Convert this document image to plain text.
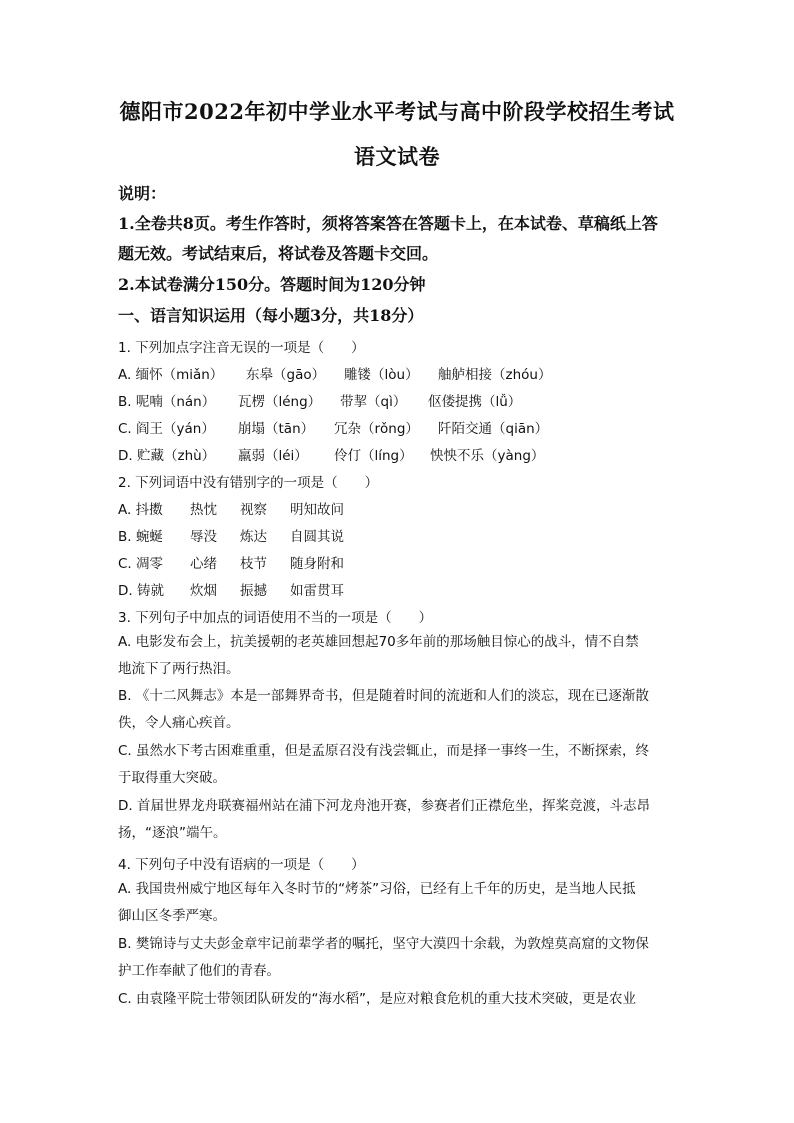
德阳市2022年初中学业水平考试与高中阶段学校招生考试
语文试卷
说明：
1.全卷共8页。考生作答时，须将答案答在答题卡上，在本试卷、草稿纸上答
题无效。考试结束后，将试卷及答题卡交回。
2.本试卷满分150分。答题时间为120分钟
一、语言知识运用（每小题3分，共18分）
1. 下列加点字注音无误的一项是（　　）
A. 缅怀（miǎn） 东皋（gāo） 雕镂（lòu） 舳舻相接（zhóu）
B. 呢喃（nán） 瓦楞（léng） 带挈（qì） 伛偻提携（lǚ）
C. 阎王（yán） 崩塌（tān） 冗杂（rǒng） 阡陌交通（qiān）
D. 贮藏（zhù） 羸弱（léi） 伶仃（líng） 怏怏不乐（yàng）
2. 下列词语中没有错别字的一项是（　　）
A. 抖擞 热忱 视察 明知故问
B. 蜿蜒 辱没 炼达 自圆其说
C. 凋零 心绪 枝节 随身附和
D. 铸就 炊烟 振撼 如雷贯耳
3. 下列句子中加点的词语使用不当的一项是（　　）
A. 电影发布会上，抗美援朝的老英雄回想起70多年前的那场触目惊心的战斗，情不自禁
地流下了两行热泪。
B. 《十二风舞志》本是一部舞界奇书，但是随着时间的流逝和人们的淡忘，现在已逐渐散
佚，令人痛心疾首。
C. 虽然水下考古困难重重，但是孟原召没有浅尝辄止，而是择一事终一生，不断探索，终
于取得重大突破。
D. 首届世界龙舟联赛福州站在浦下河龙舟池开赛，参赛者们正襟危坐，挥桨竞渡，斗志昂
扬，“逐浪”端午。
4. 下列句子中没有语病的一项是（　　）
A. 我国贵州威宁地区每年入冬时节的“烤茶”习俗，已经有上千年的历史，是当地人民抵
御山区冬季严寒。
B. 樊锦诗与丈夫彭金章牢记前辈学者的嘱托，坚守大漠四十余载，为敦煌莫高窟的文物保
护工作奉献了他们的青春。
C. 由袁隆平院士带领团队研发的“海水稻”，是应对粮食危机的重大技术突破，更是农业
